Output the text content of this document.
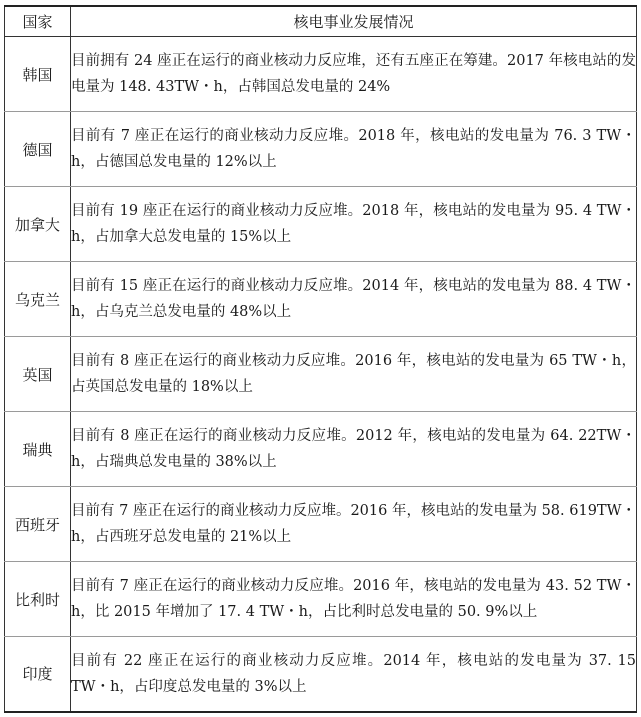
国家	核电事业发展情况
韩国	目前拥有 24 座正在运行的商业核动力反应堆，还有五座正在筹建。2017 年核电站的发电量为 148. 43TW・h，占韩国总发电量的 24%
德国	目前有 7 座正在运行的商业核动力反应堆。2018 年，核电站的发电量为 76. 3 TW・h，占德国总发电量的 12%以上
加拿大	目前有 19 座正在运行的商业核动力反应堆。2018 年，核电站的发电量为 95. 4 TW・h，占加拿大总发电量的 15%以上
乌克兰	目前有 15 座正在运行的商业核动力反应堆。2014 年，核电站的发电量为 88. 4 TW・h，占乌克兰总发电量的 48%以上
英国	目前有 8 座正在运行的商业核动力反应堆。2016 年，核电站的发电量为 65 TW・h，占英国总发电量的 18%以上
瑞典	目前有 8 座正在运行的商业核动力反应堆。2012 年，核电站的发电量为 64. 22TW・h，占瑞典总发电量的 38%以上
西班牙	目前有 7 座正在运行的商业核动力反应堆。2016 年，核电站的发电量为 58. 619TW・h，占西班牙总发电量的 21%以上
比利时	目前有 7 座正在运行的商业核动力反应堆。2016 年，核电站的发电量为 43. 52 TW・h，比 2015 年增加了 17. 4 TW・h，占比利时总发电量的 50. 9%以上
印度	目前有 22 座正在运行的商业核动力反应堆。2014 年，核电站的发电量为 37. 15 TW・h，占印度总发电量的 3%以上
